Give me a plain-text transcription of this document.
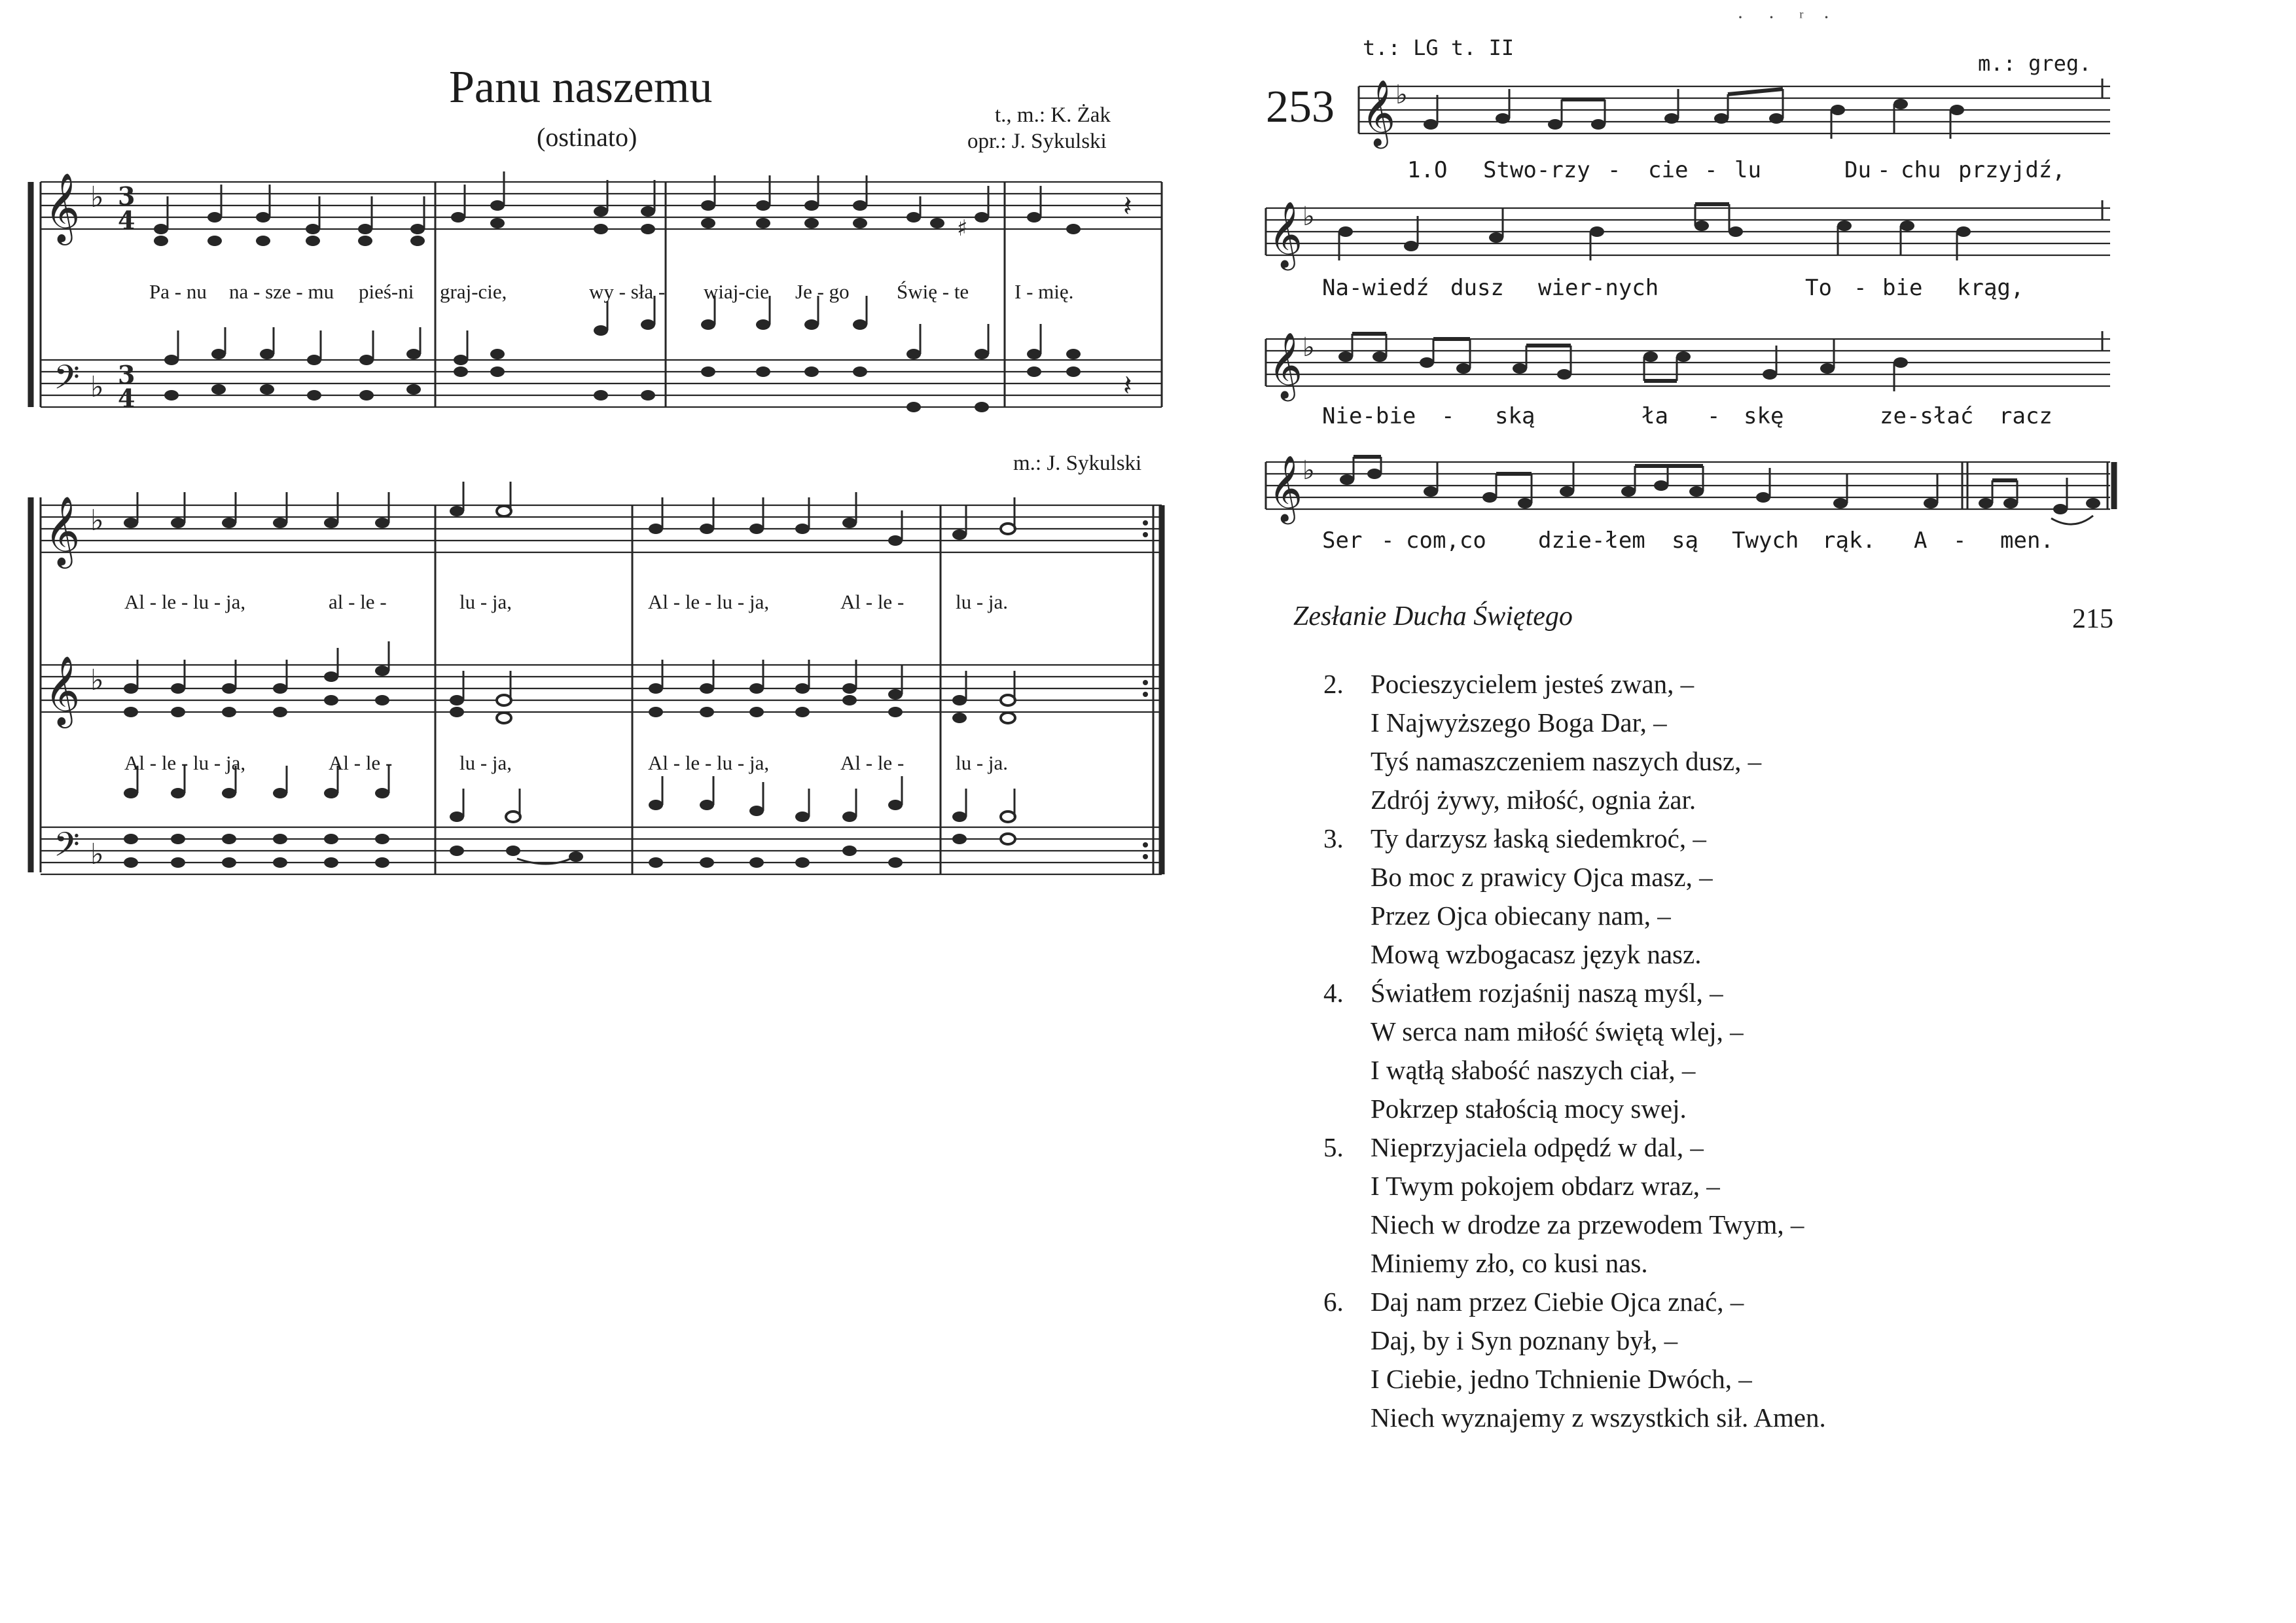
Panu naszemu
(ostinato)
t., m.: K. Żak
opr.: J. Sykulski
m.: J. Sykulski
𝄞
𝄢
♭
♭
3
4
3
4
♯
𝄽
𝄽
𝄞
𝄞
𝄢
♭
♭
♭
Pa - nu na - sze - mu pieś-ni graj-cie,	wy - sła - wiaj-cie Je - go Świę - te I - mię.
Al - le - lu - ja,	al - le -	lu - ja,	Al - le - lu - ja,	Al - le -	lu - ja.
Al - le - lu - ja,	Al - le -	lu - ja,	Al - le - lu - ja,	Al - le -	lu - ja.
·     ·     ʳ    ·
t.: LG t. II
m.: greg.
253 𝄞 ♭
𝄞 ♭
𝄞 ♭
𝄞 ♭
1.O Stwo-rzy - cie - lu	Du - chu przyjdź,
Na-wiedź dusz wier-nych	To - bie krąg,
Nie-bie - ską	ła - skę	ze-słać racz
Ser - com,co dzie-łem są Twych rąk. A - men.
Zesłanie Ducha Świętego	215
2. Pocieszycielem jesteś zwan, –
I Najwyższego Boga Dar, –
Tyś namaszczeniem naszych dusz, –
Zdrój żywy, miłość, ognia żar.
3. Ty darzysz łaską siedemkroć, –
Bo moc z prawicy Ojca masz, –
Przez Ojca obiecany nam, –
Mową wzbogacasz język nasz.
4. Światłem rozjaśnij naszą myśl, –
W serca nam miłość świętą wlej, –
I wątłą słabość naszych ciał, –
Pokrzep stałością mocy swej.
5. Nieprzyjaciela odpędź w dal, –
I Twym pokojem obdarz wraz, –
Niech w drodze za przewodem Twym, –
Miniemy zło, co kusi nas.
6. Daj nam przez Ciebie Ojca znać, –
Daj, by i Syn poznany był, –
I Ciebie, jedno Tchnienie Dwóch, –
Niech wyznajemy z wszystkich sił. Amen.
